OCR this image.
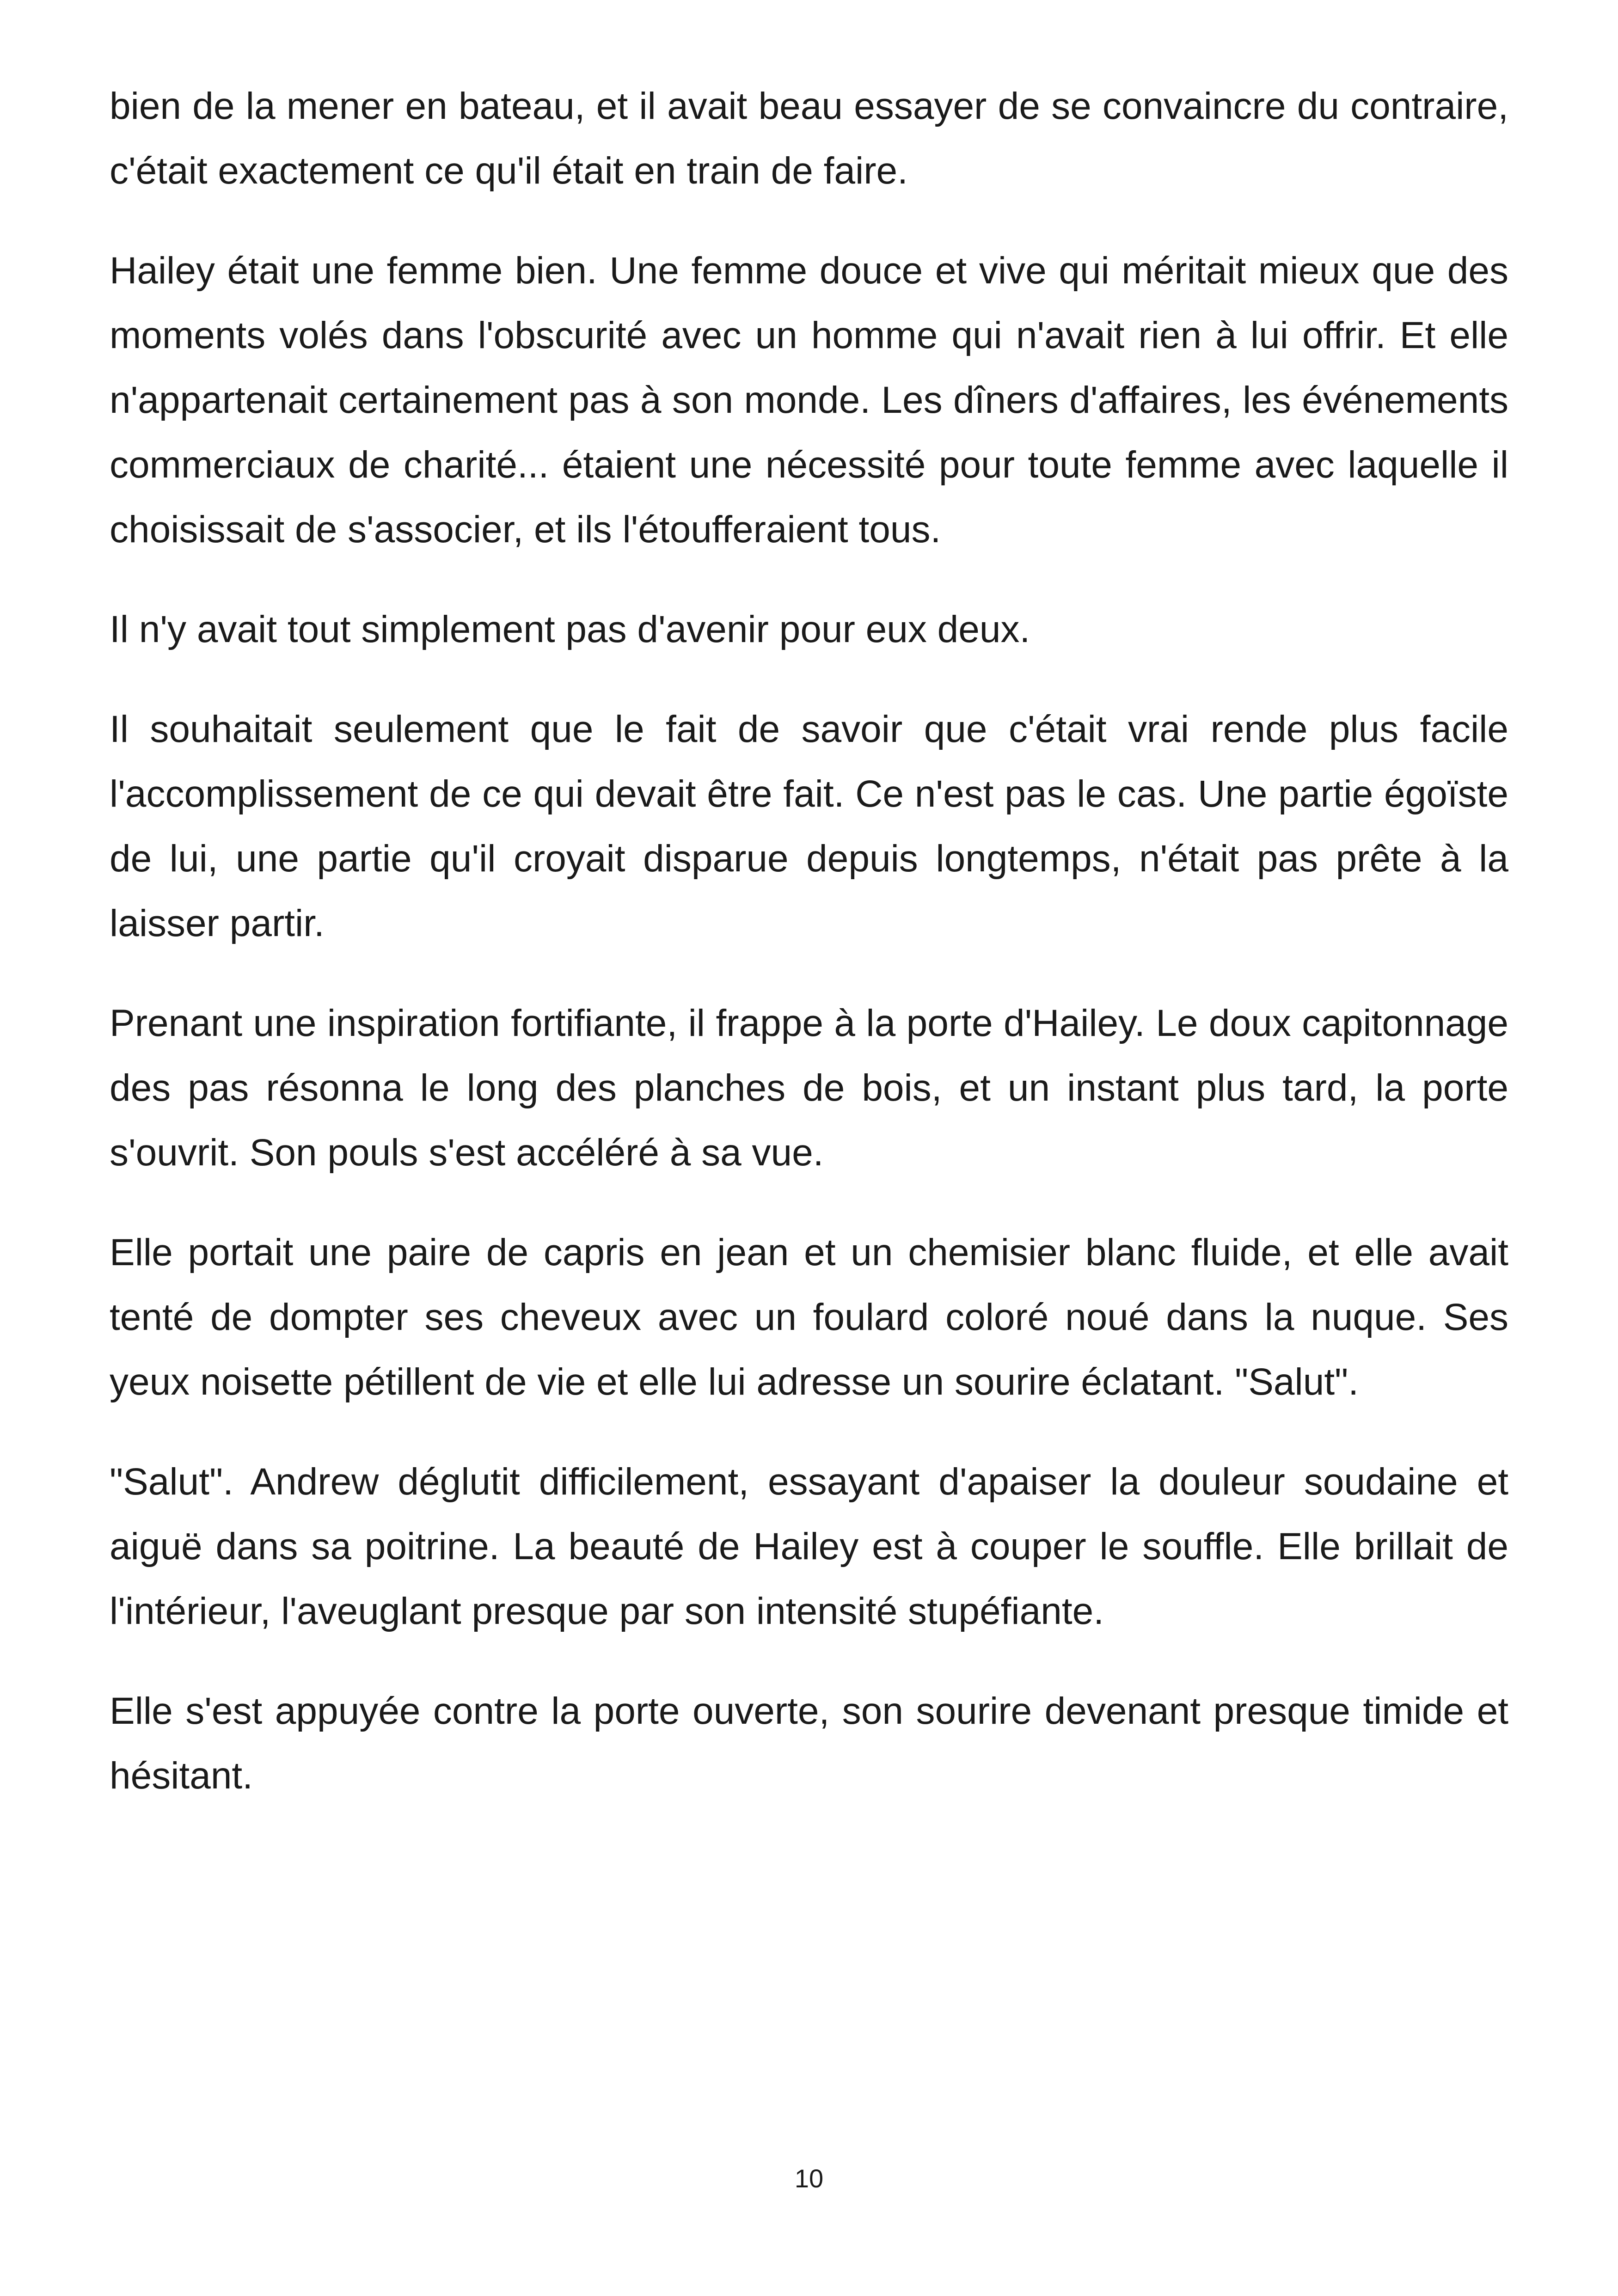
bien de la mener en bateau, et il avait beau essayer de se convaincre du contraire, c'était exactement ce qu'il était en train de faire.

Hailey était une femme bien. Une femme douce et vive qui méritait mieux que des moments volés dans l'obscurité avec un homme qui n'avait rien à lui offrir. Et elle n'appartenait certainement pas à son monde. Les dîners d'affaires, les événements commerciaux de charité... étaient une nécessité pour toute femme avec laquelle il choisissait de s'associer, et ils l'étoufferaient tous.

Il n'y avait tout simplement pas d'avenir pour eux deux.

Il souhaitait seulement que le fait de savoir que c'était vrai rende plus facile l'accomplissement de ce qui devait être fait. Ce n'est pas le cas. Une partie égoïste de lui, une partie qu'il croyait disparue depuis longtemps, n'était pas prête à la laisser partir.

Prenant une inspiration fortifiante, il frappe à la porte d'Hailey. Le doux capitonnage des pas résonna le long des planches de bois, et un instant plus tard, la porte s'ouvrit. Son pouls s'est accéléré à sa vue.

Elle portait une paire de capris en jean et un chemisier blanc fluide, et elle avait tenté de dompter ses cheveux avec un foulard coloré noué dans la nuque. Ses yeux noisette pétillent de vie et elle lui adresse un sourire éclatant. "Salut".

"Salut". Andrew déglutit difficilement, essayant d'apaiser la douleur soudaine et aiguë dans sa poitrine. La beauté de Hailey est à couper le souffle. Elle brillait de l'intérieur, l'aveuglant presque par son intensité stupéfiante.

Elle s'est appuyée contre la porte ouverte, son sourire devenant presque timide et hésitant.

10
